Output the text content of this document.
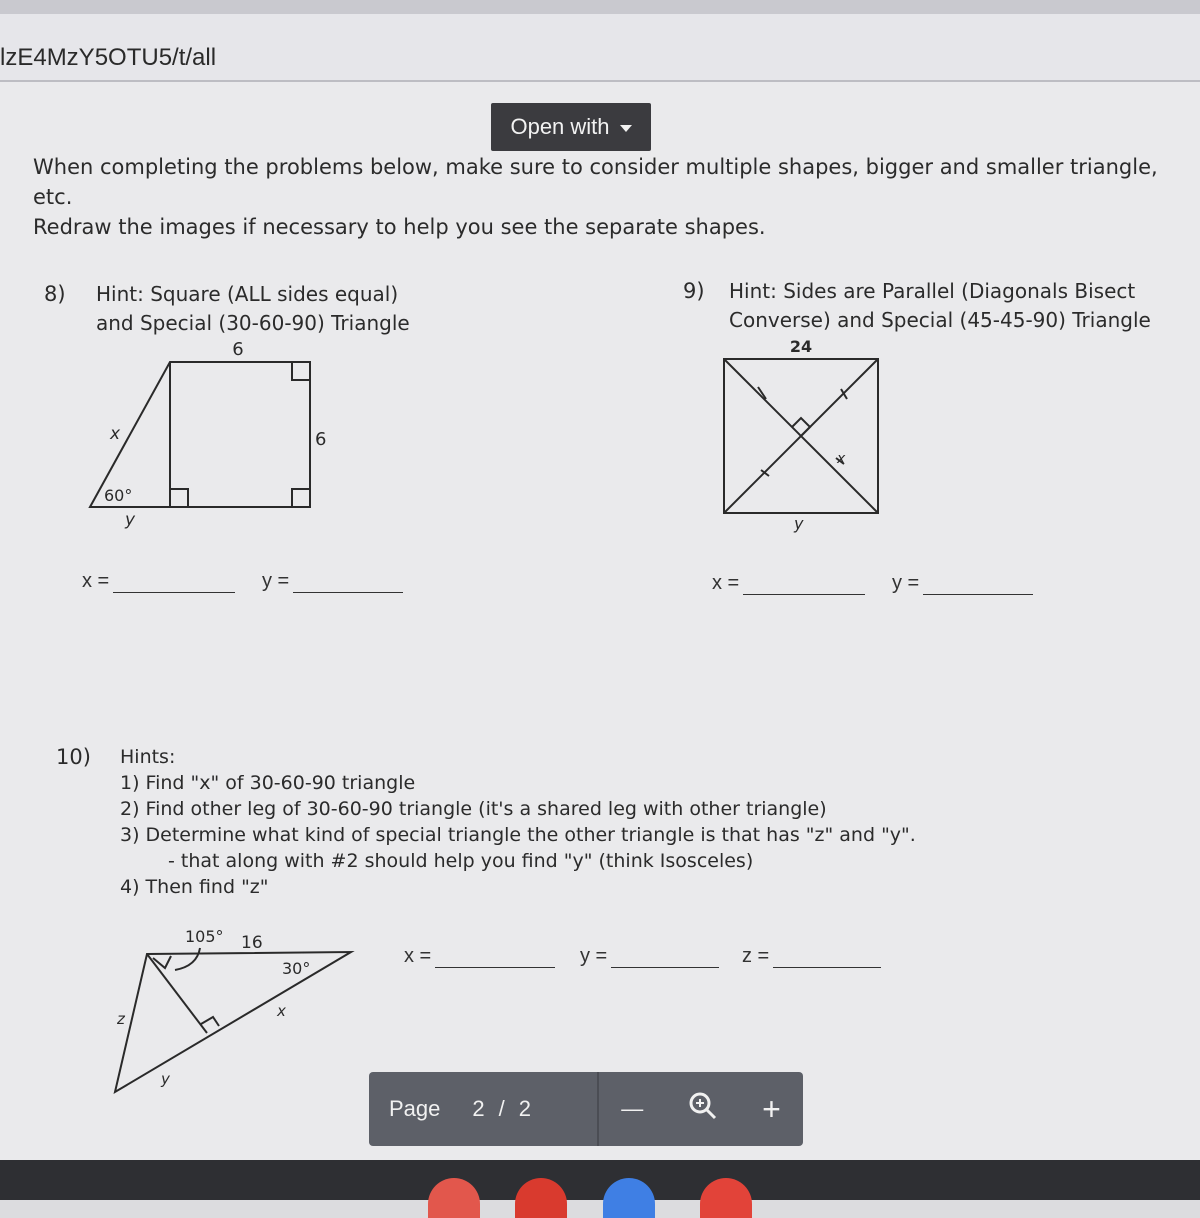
lzE4MzY5OTU5/t/all
Open with
When completing the problems below, make sure to consider multiple shapes, bigger and smaller triangle, etc.
Redraw the images if necessary to help you see the separate shapes.
8) Hint: Square (ALL sides equal)
and Special (30-60-90) Triangle
6
6
x
60°
y
x =	y =
9) Hint: Sides are Parallel (Diagonals Bisect
Converse) and Special (45-45-90) Triangle
24
x
y
x =	y =
10) Hints:
1) Find "x" of 30-60-90 triangle
2) Find other leg of 30-60-90 triangle (it's a shared leg with other triangle)
3) Determine what kind of special triangle the other triangle is that has "z" and "y".
- that along with #2 should help you find "y" (think Isosceles)
4) Then find "z"
105° 16
30°
x
z
y
x =	y =	z =
Page 2 / 2	—	+
